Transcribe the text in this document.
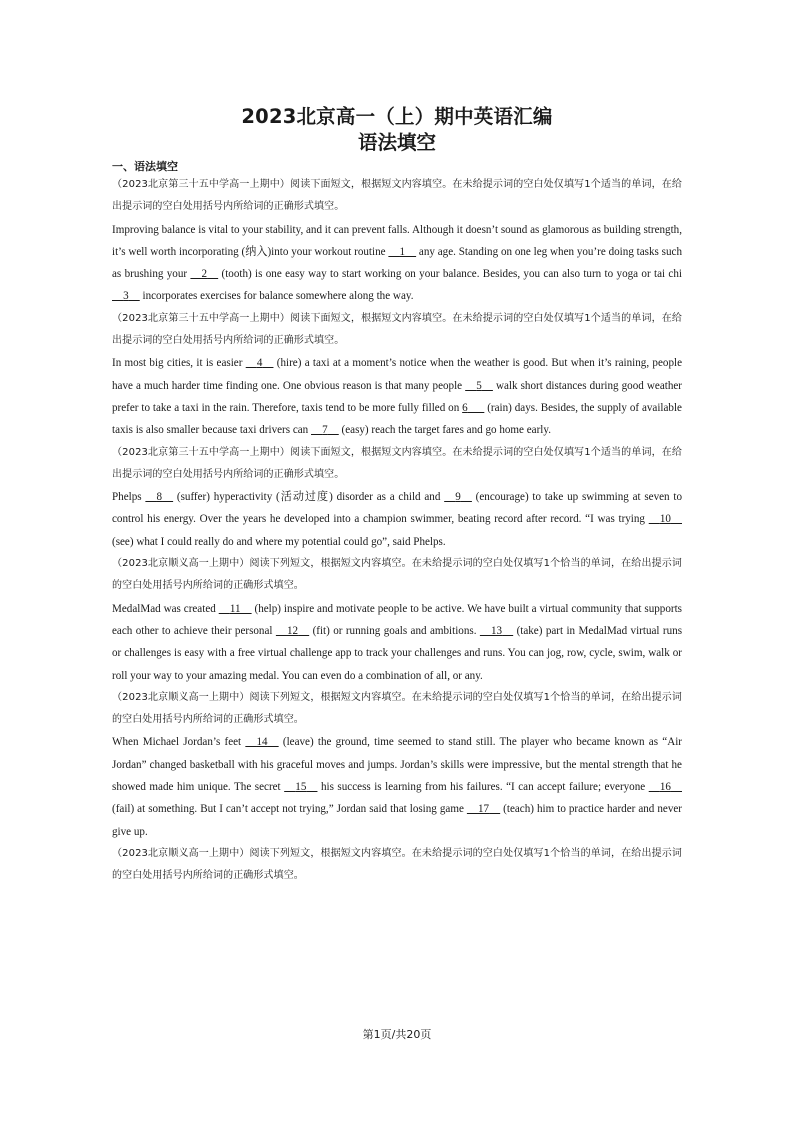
2023北京高一（上）期中英语汇编
语法填空

一、语法填空

（2023北京第三十五中学高一上期中）阅读下面短文，根据短文内容填空。在未给提示词的空白处仅填写1个适当的单词，在给出提示词的空白处用括号内所给词的正确形式填空。

Improving balance is vital to your stability, and it can prevent falls. Although it doesn’t sound as glamorous as building strength, it’s well worth incorporating (纳入)into your workout routine     1     any age. Standing on one leg when you’re doing tasks such as brushing your     2     (tooth) is one easy way to start working on your balance. Besides, you can also turn to yoga or tai chi     3     incorporates exercises for balance somewhere along the way.

（2023北京第三十五中学高一上期中）阅读下面短文，根据短文内容填空。在未给提示词的空白处仅填写1个适当的单词，在给出提示词的空白处用括号内所给词的正确形式填空。

In most big cities, it is easier     4     (hire) a taxi at a moment’s notice when the weather is good. But when it’s raining, people have a much harder time finding one. One obvious reason is that many people     5     walk short distances during good weather prefer to take a taxi in the rain. Therefore, taxis tend to be more fully filled on 6       (rain) days. Besides, the supply of available taxis is also smaller because taxi drivers can     7     (easy) reach the target fares and go home early.

（2023北京第三十五中学高一上期中）阅读下面短文，根据短文内容填空。在未给提示词的空白处仅填写1个适当的单词，在给出提示词的空白处用括号内所给词的正确形式填空。

Phelps     8     (suffer) hyperactivity (活动过度) disorder as a child and     9     (encourage) to take up swimming at seven to control his energy. Over the years he developed into a champion swimmer, beating record after record. “I was trying     10     (see) what I could really do and where my potential could go”, said Phelps.

（2023北京顺义高一上期中）阅读下列短文，根据短文内容填空。在未给提示词的空白处仅填写1个恰当的单词，在给出提示词的空白处用括号内所给词的正确形式填空。

MedalMad was created     11     (help) inspire and motivate people to be active. We have built a virtual community that supports each other to achieve their personal     12     (fit) or running goals and ambitions.     13     (take) part in MedalMad virtual runs or challenges is easy with a free virtual challenge app to track your challenges and runs. You can jog, row, cycle, swim, walk or roll your way to your amazing medal. You can even do a combination of all, or any.

（2023北京顺义高一上期中）阅读下列短文，根据短文内容填空。在未给提示词的空白处仅填写1个恰当的单词，在给出提示词的空白处用括号内所给词的正确形式填空。

When Michael Jordan’s feet     14     (leave) the ground, time seemed to stand still. The player who became known as “Air Jordan” changed basketball with his graceful moves and jumps. Jordan’s skills were impressive, but the mental strength that he showed made him unique. The secret     15     his success is learning from his failures. “I can accept failure; everyone     16     (fail) at something. But I can’t accept not trying,” Jordan said that losing game     17     (teach) him to practice harder and never give up.

（2023北京顺义高一上期中）阅读下列短文，根据短文内容填空。在未给提示词的空白处仅填写1个恰当的单词，在给出提示词的空白处用括号内所给词的正确形式填空。

第1页/共20页
